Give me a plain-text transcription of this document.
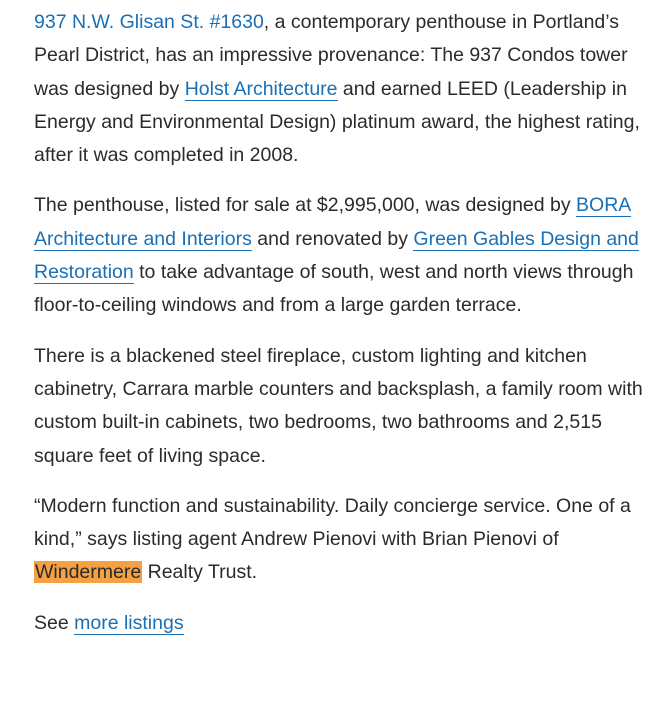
937 N.W. Glisan St. #1630, a contemporary penthouse in Portland’s Pearl District, has an impressive provenance: The 937 Condos tower was designed by Holst Architecture and earned LEED (Leadership in Energy and Environmental Design) platinum award, the highest rating, after it was completed in 2008.

The penthouse, listed for sale at $2,995,000, was designed by BORA Architecture and Interiors and renovated by Green Gables Design and Restoration to take advantage of south, west and north views through floor-to-ceiling windows and from a large garden terrace.

There is a blackened steel fireplace, custom lighting and kitchen cabinetry, Carrara marble counters and backsplash, a family room with custom built-in cabinets, two bedrooms, two bathrooms and 2,515 square feet of living space.

“Modern function and sustainability. Daily concierge service. One of a kind,” says listing agent Andrew Pienovi with Brian Pienovi of Windermere Realty Trust.

See more listings
